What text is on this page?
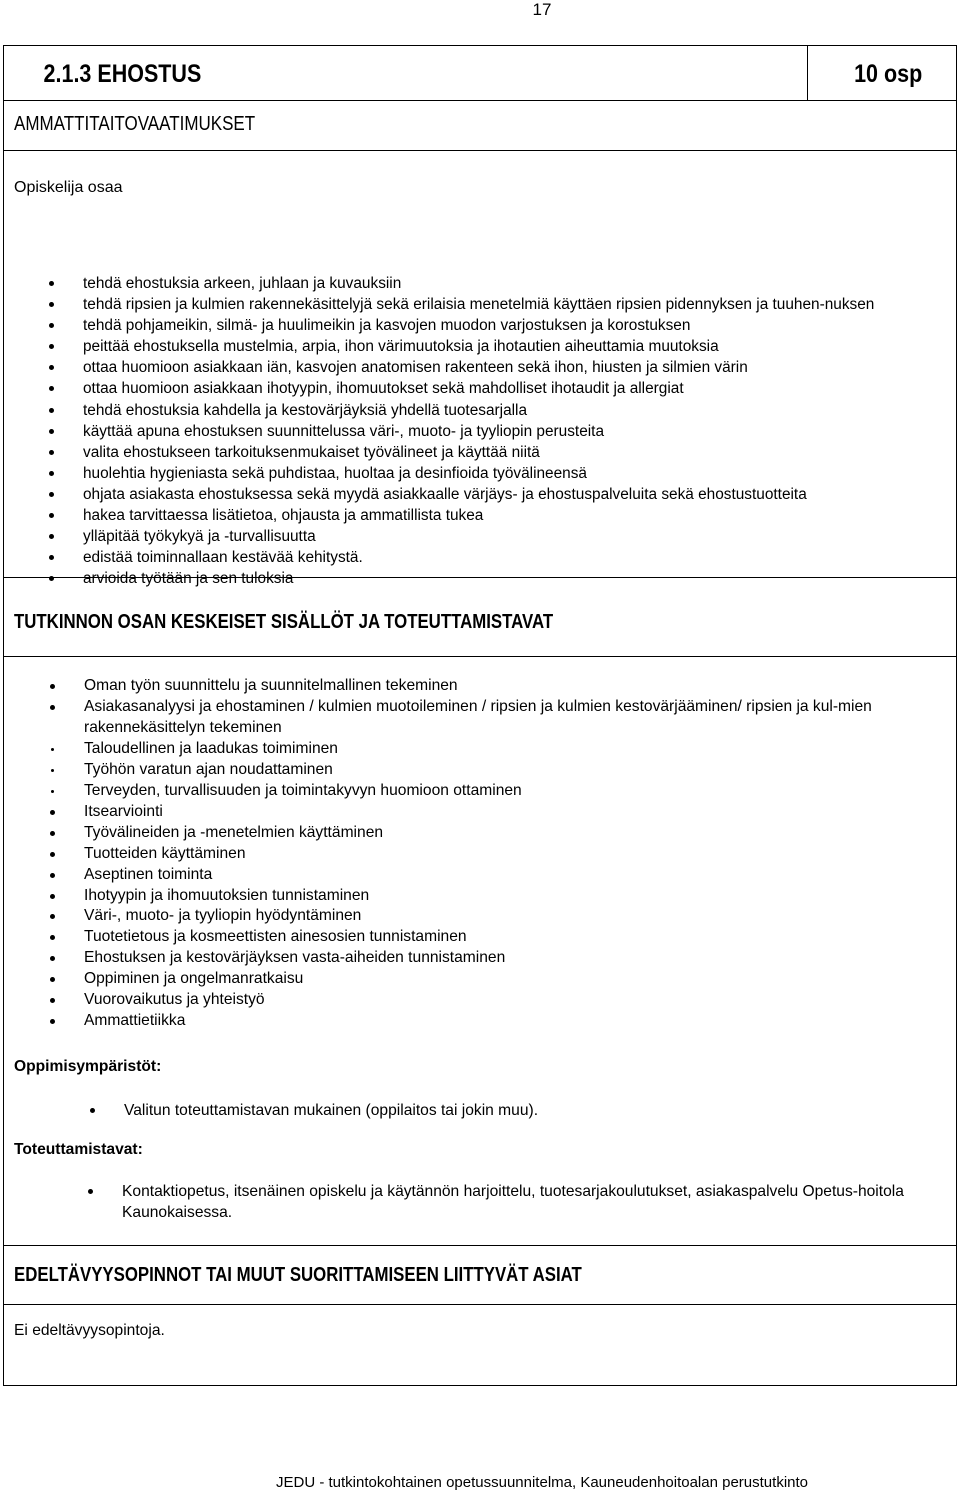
17
2.1.3 EHOSTUS	10 osp
AMMATTITAITOVAATIMUKSET
Opiskelija osaa
tehdä ehostuksia arkeen, juhlaan ja kuvauksiin
tehdä ripsien ja kulmien rakennekäsittelyjä sekä erilaisia menetelmiä käyttäen ripsien pidennyksen ja tuuhen-nuksen
tehdä pohjameikin, silmä- ja huulimeikin ja kasvojen muodon varjostuksen ja korostuksen
peittää ehostuksella mustelmia, arpia, ihon värimuutoksia ja ihotautien aiheuttamia muutoksia
ottaa huomioon asiakkaan iän, kasvojen anatomisen rakenteen sekä ihon, hiusten ja silmien värin
ottaa huomioon asiakkaan ihotyypin, ihomuutokset sekä mahdolliset ihotaudit ja allergiat
tehdä ehostuksia kahdella ja kestovärjäyksiä yhdellä tuotesarjalla
käyttää apuna ehostuksen suunnittelussa väri-, muoto- ja tyyliopin perusteita
valita ehostukseen tarkoituksenmukaiset työvälineet ja käyttää niitä
huolehtia hygieniasta sekä puhdistaa, huoltaa ja desinfioida työvälineensä
ohjata asiakasta ehostuksessa sekä myydä asiakkaalle värjäys- ja ehostuspalveluita sekä ehostustuotteita
hakea tarvittaessa lisätietoa, ohjausta ja ammatillista tukea
ylläpitää työkykyä ja -turvallisuutta
edistää toiminnallaan kestävää kehitystä.
arvioida työtään ja sen tuloksia
TUTKINNON OSAN KESKEISET SISÄLLÖT JA TOTEUTTAMISTAVAT
Oman työn suunnittelu ja suunnitelmallinen tekeminen
Asiakasanalyysi ja ehostaminen / kulmien muotoileminen / ripsien ja kulmien kestovärjääminen/ ripsien ja kul-mien rakennekäsittelyn tekeminen
Taloudellinen ja laadukas toimiminen
Työhön varatun ajan noudattaminen
Terveyden, turvallisuuden ja toimintakyvyn huomioon ottaminen
Itsearviointi
Työvälineiden ja -menetelmien käyttäminen
Tuotteiden käyttäminen
Aseptinen toiminta
Ihotyypin ja ihomuutoksien tunnistaminen
Väri-, muoto- ja tyyliopin hyödyntäminen
Tuotetietous ja kosmeettisten ainesosien tunnistaminen
Ehostuksen ja kestovärjäyksen vasta-aiheiden tunnistaminen
Oppiminen ja ongelmanratkaisu
Vuorovaikutus ja yhteistyö
Ammattietiikka
Oppimisympäristöt:
Valitun toteuttamistavan mukainen (oppilaitos tai jokin muu).
Toteuttamistavat:
Kontaktiopetus, itsenäinen opiskelu ja käytännön harjoittelu, tuotesarjakoulutukset, asiakaspalvelu Opetus-hoitola Kaunokaisessa.
EDELTÄVYYSOPINNOT TAI MUUT SUORITTAMISEEN LIITTYVÄT ASIAT
Ei edeltävyysopintoja.
JEDU - tutkintokohtainen opetussuunnitelma, Kauneudenhoitoalan perustutkinto
